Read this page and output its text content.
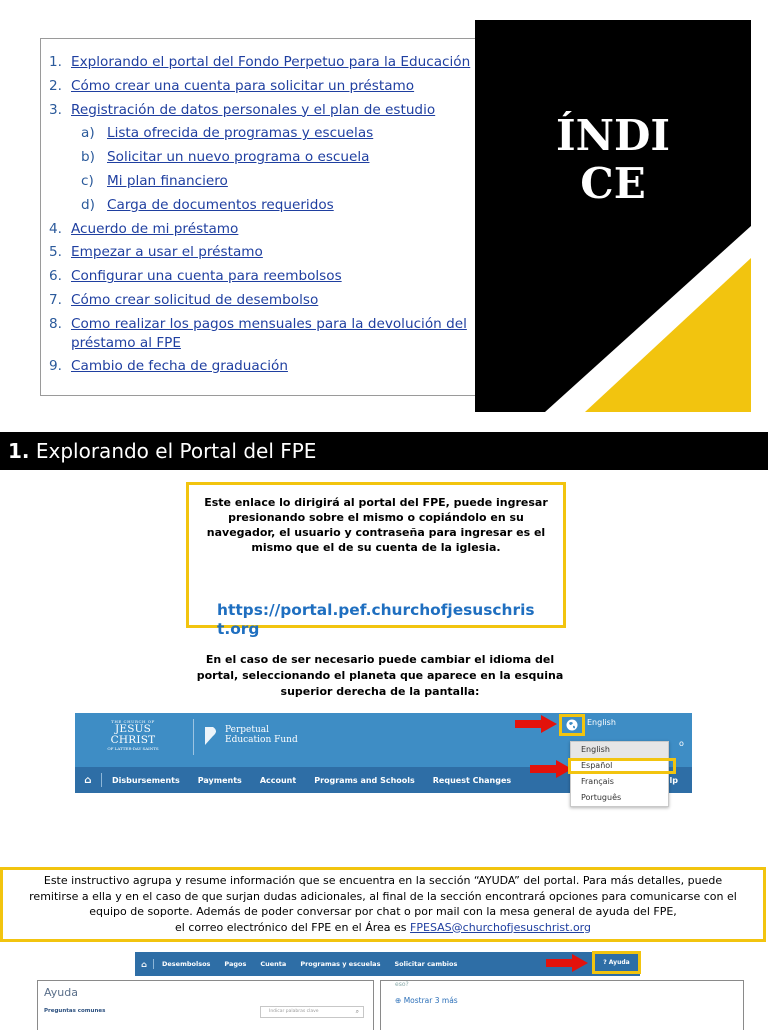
1. Explorando el portal del Fondo Perpetuo para la Educación
2. Cómo crear una cuenta para solicitar un préstamo
3. Registración de datos personales y el plan de estudio
a) Lista ofrecida de programas y escuelas
b) Solicitar un nuevo programa o escuela
c) Mi plan financiero
d) Carga de documentos requeridos
4. Acuerdo de mi préstamo
5. Empezar a usar el préstamo
6. Configurar una cuenta para reembolsos
7. Cómo crear solicitud de desembolso
8. Como realizar los pagos mensuales para la devolución del préstamo al FPE
9. Cambio de fecha de graduación
ÍNDI
CE
1. Explorando el Portal del FPE
Este enlace lo dirigirá al portal del FPE, puede ingresar presionando sobre el mismo o copiándolo en su navegador, el usuario y contraseña para ingresar es el mismo que el de su cuenta de la iglesia.
https://portal.pef.churchofjesuschrist.org
En el caso de ser necesario puede cambiar el idioma del portal, seleccionando el planeta que aparece en la esquina superior derecha de la pantalla:
THE CHURCH OF
JESUS CHRIST
OF LATTER-DAY SAINTS
Perpetual
Education Fund
English
o
⌂	Disbursements Payments Account Programs and Schools Request Changes	lp
English
Español
Français
Português
Este instructivo agrupa y resume información que se encuentra en la sección “AYUDA” del portal. Para más detalles, puede
remitirse a ella y en el caso de que surjan dudas adicionales, al final de la sección encontrará opciones para comunicarse con el
equipo de soporte. Además de poder conversar por chat o por mail con la mesa general de ayuda del FPE,
el correo electrónico del FPE en el Área es FPESAS@churchofjesuschrist.org
⌂	Desembolsos Pagos Cuenta Programas y escuelas Solicitar cambios	? Ayuda
Ayuda
Preguntas comunes	Indicar palabras clave	⌕
eso?
⊕ Mostrar 3 más
